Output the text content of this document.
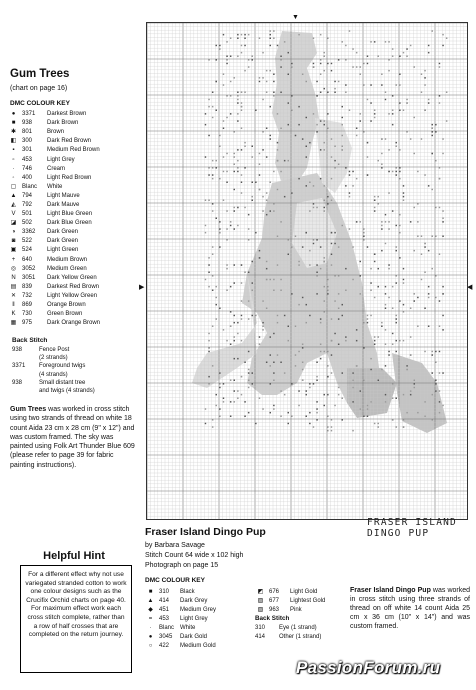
Gum Trees
(chart on page 16)
DMC COLOUR KEY
●	3371	Darkest Brown
■	938	Dark Brown
✱ 801	Brown
◧ 300	Dark Red Brown
▪	301	Medium Red Brown
▫	453	Light Grey
·	746	Cream
◦	400	Light Red Brown
▢ Blanc	White
▲ 794	Light Mauve
◭	792	Dark Mauve
V	501	Light Blue Green
◪ 502	Dark Blue Green
◑	3362	Dark Green
◙	522	Dark Green
▣ 524	Light Green
+	640	Medium Brown
◎ 3052	Medium Green
N	3051	Dark Yellow Green
▤ 839	Darkest Red Brown
✕ 732	Light Yellow Green
‖	869	Orange Brown
K	730	Green Brown
▦ 975	Dark Orange Brown
Back Stitch
938	Fence Post
(2 strands)
3371	Foreground twigs
(4 strands)
938	Small distant tree
and twigs (4 strands)
Gum Trees was worked in cross stitch using two strands of thread on white 18 count Aida 23 cm x 28 cm (9" x 12") and was custom framed. The sky was painted using Folk Art Thunder Blue 609 (please refer to page 39 for fabric painting instructions).
Helpful Hint
For a different effect why not use variegated stranded cotton to work one colour designs such as the Crucifix Orchid charts on page 40. For maximum effect work each cross stitch complete, rather than a row of half crosses that are completed on the return journey.
▼
▶	◀
FRASER ISLAND DINGO PUP
Fraser Island Dingo Pup
by Barbara Savage
Stitch Count 64 wide x 102 high
Photograph on page 15
DMC COLOUR KEY
■	310	Black
▲ 414	Dark Grey
◆	451	Medium Grey
=	453	Light Grey
·	Blanc White
●	3045	Dark Gold
○	422	Medium Gold
◩ 676	Light Gold
▨ 677	Lightest Gold
▧ 963	Pink
Back Stitch
310	Eye (1 strand)
414	Other (1 strand)
Fraser Island Dingo Pup was worked in cross stitch using three strands of thread on off white 14 count Aida 25 cm x 36 cm (10" x 14") and was custom framed.
PassionForum.ru
